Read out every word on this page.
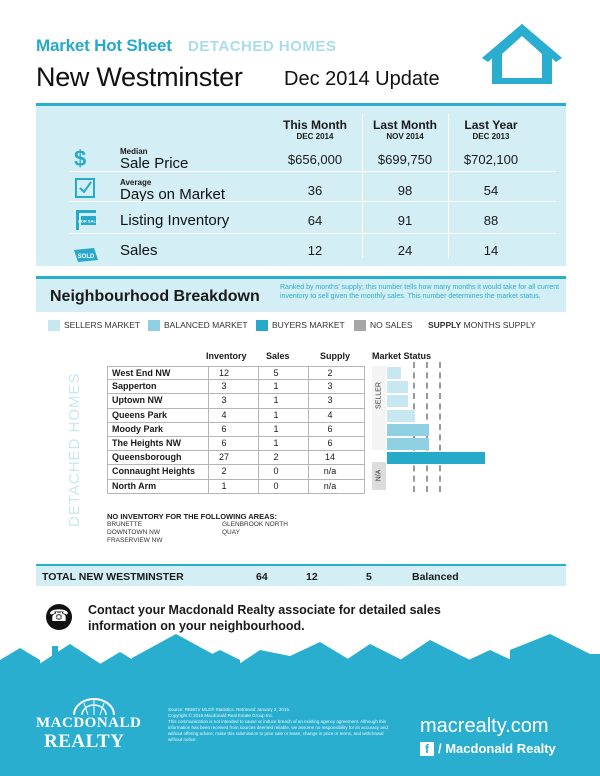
Market Hot Sheet DETACHED HOMES
New Westminster Dec 2014 Update
This Month
DEC 2014
Last Month
NOV 2014
Last Year
DEC 2013
$	Median
Sale Price	$656,000	$699,750	$702,100
Average
Days on Market	36	98	54
FOR SALE Listing Inventory	64	91	88
SOLD Sales	12	24	14
Neighbourhood Breakdown
Ranked by months' supply; this number tells how many months it would take for all current inventory to sell given the monthly sales. This number determines the market status.
SELLERS MARKET	BALANCED MARKET	BUYERS MARKET	NO SALES SUPPLY MONTHS SUPPLY
DETACHED HOMES
Inventory Sales	Supply Market Status
West End NW	12	5	2
Sapperton	3	1	3
Uptown NW	3	1	3
Queens Park	4	1	4
Moody Park	6	1	6
The Heights NW	6	1	6
Queensborough	27	2	14
Connaught Heights	2	0	n/a
North Arm	1	0	n/a
SELLER
N/A
NO INVENTORY FOR THE FOLLOWING AREAS:
BRUNETTE
DOWNTOWN NW
FRASERVIEW NW
GLENBROOK NORTH
QUAY
TOTAL NEW WESTMINSTER	64	12	5	Balanced
☎ Contact your Macdonald Realty associate for detailed sales information on your neighbourhood.
MACDONALD
REALTY
Source: REBGV MLS® Statistics. Retrieved January 2, 2015.
Copyright © 2015 Macdonald Real Estate Group Inc.
This communication is not intended to cause or induce breach of an existing agency agreement. Although this information has been received from sources deemed reliable, we assume no responsibility for its accuracy and without offering advice, make this submission to prior sale or lease, change in price or terms, and withdrawal without notice.
macrealty.com
f / Macdonald Realty
